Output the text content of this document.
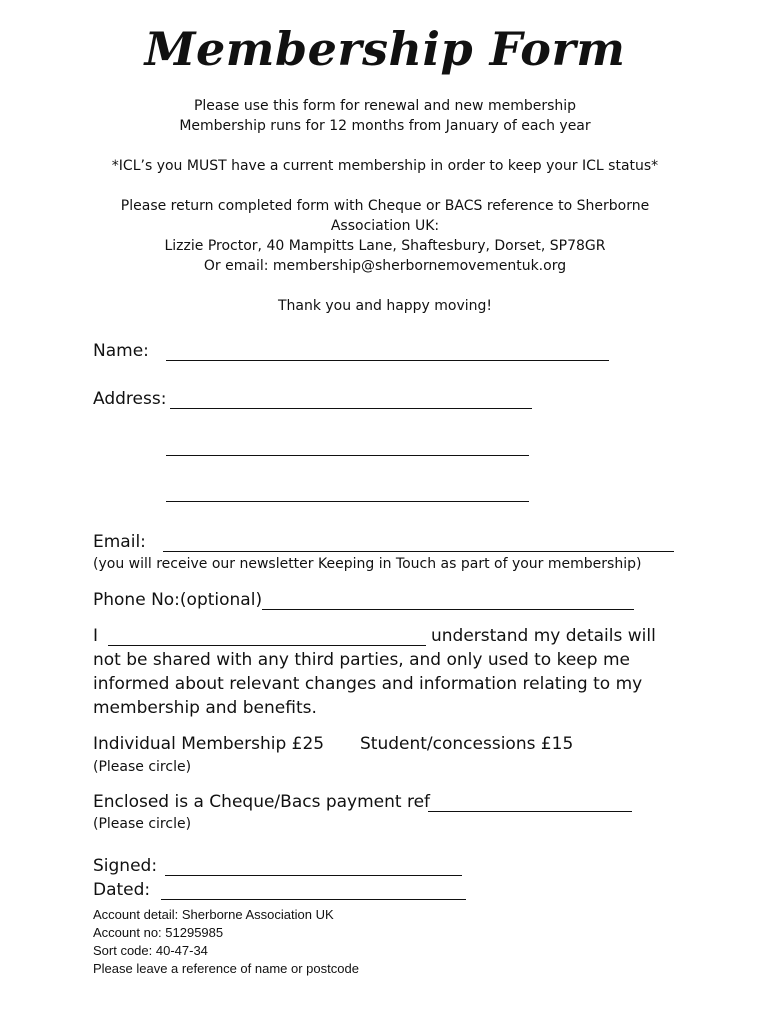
Membership Form
Please use this form for renewal and new membership
Membership runs for 12 months from January of each year
*ICL’s you MUST have a current membership in order to keep your ICL status*
Please return completed form with Cheque or BACS reference to Sherborne
Association UK:
Lizzie Proctor, 40 Mampitts Lane, Shaftesbury, Dorset, SP78GR
Or email: membership@sherbornemovementuk.org
Thank you and happy moving!
Name:
Address:
Email:
(you will receive our newsletter Keeping in Touch as part of your membership)
Phone No:(optional)
I	understand my details will
not be shared with any third parties, and only used to keep me
informed about relevant changes and information relating to my
membership and benefits.
Individual Membership £25 Student/concessions £15
(Please circle)
Enclosed is a Cheque/Bacs payment ref
(Please circle)
Signed:
Dated:
Account detail: Sherborne Association UK
Account no: 51295985
Sort code: 40-47-34
Please leave a reference of name or postcode
